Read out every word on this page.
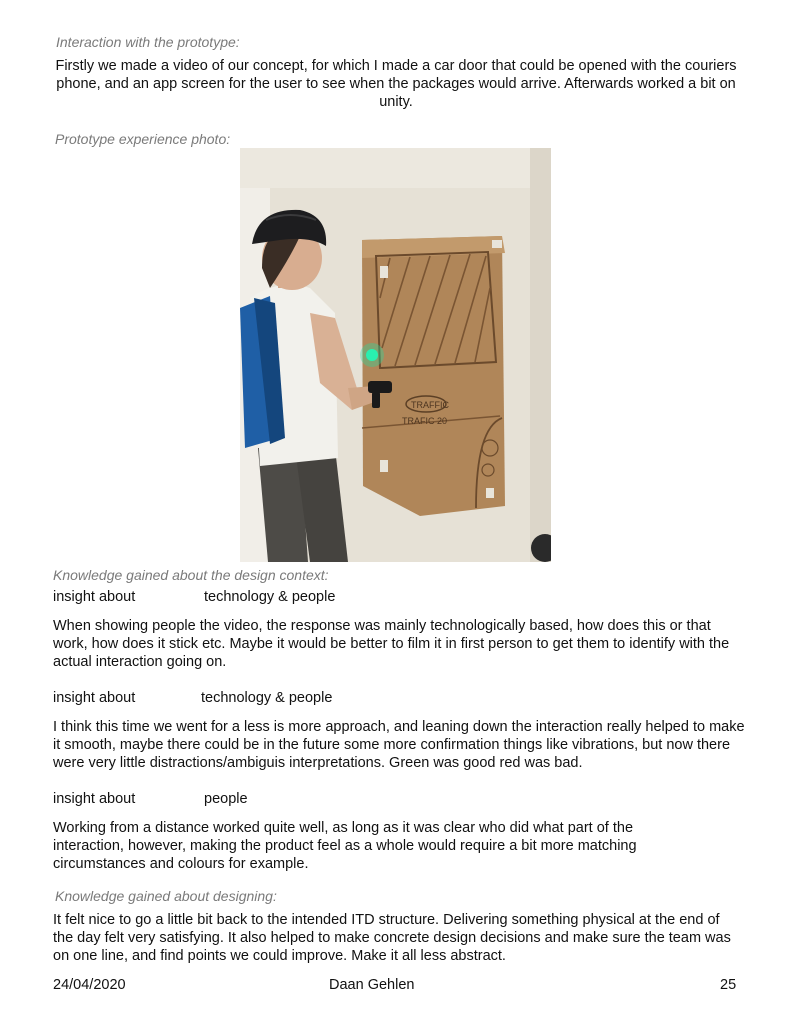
Interaction with the prototype:
Firstly we made a video of our concept, for which I made a car door that could be opened with the couriers phone, and an app screen for the user to see when the packages would arrive. Afterwards worked a bit on unity.
Prototype experience photo:
TRAFFIC
TRAFIC 20
Knowledge gained about the design context:
insight about	technology & people
When showing people the video, the response was mainly technologically based, how does this or that work, how does it stick etc. Maybe it would be better to film it in first person to get them to identify with the actual interaction going on.
insight about	technology & people
I think this time we went for a less is more approach, and leaning down the interaction really helped to make it smooth, maybe there could be in the future some more confirmation things like vibrations, but now there were very little distractions/ambiguis interpretations. Green was good red was bad.
insight about	people
Working from a distance worked quite well, as long as it was clear who did what part of the interaction, however, making the product feel as a whole would require a bit more matching circumstances and colours for example.
Knowledge gained about designing:
It felt nice to go a little bit back to the intended ITD structure. Delivering something physical at the end of the day felt very satisfying. It also helped to make concrete design decisions and make sure the team was on one line, and find points we could improve. Make it all less abstract.
24/04/2020	Daan Gehlen	25
